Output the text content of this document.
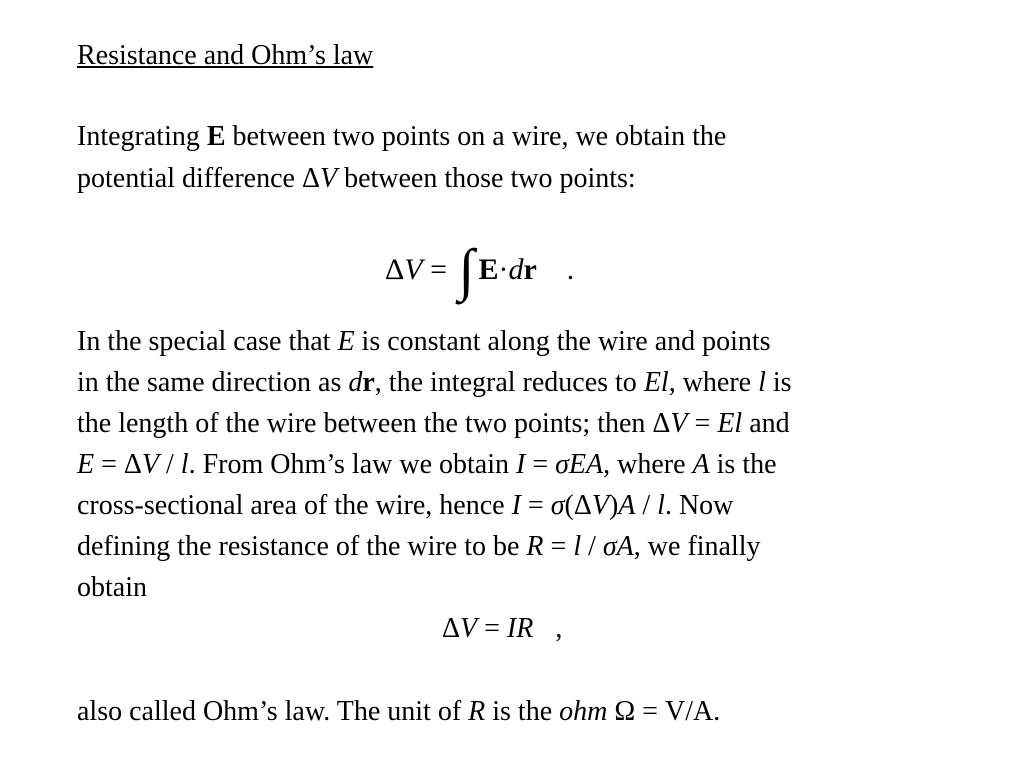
Resistance and Ohm’s law
Integrating E between two points on a wire, we obtain the
potential difference ΔV between those two points:
ΔV = ∫ E·dr .
In the special case that E is constant along the wire and points
in the same direction as dr, the integral reduces to El, where l is
the length of the wire between the two points; then ΔV = El and
E = ΔV / l. From Ohm’s law we obtain I = σEA, where A is the
cross-sectional area of the wire, hence I = σ(ΔV)A / l. Now
defining the resistance of the wire to be R = l / σA, we finally
obtain
ΔV = IR ,
also called Ohm’s law. The unit of R is the ohm Ω = V/A.
